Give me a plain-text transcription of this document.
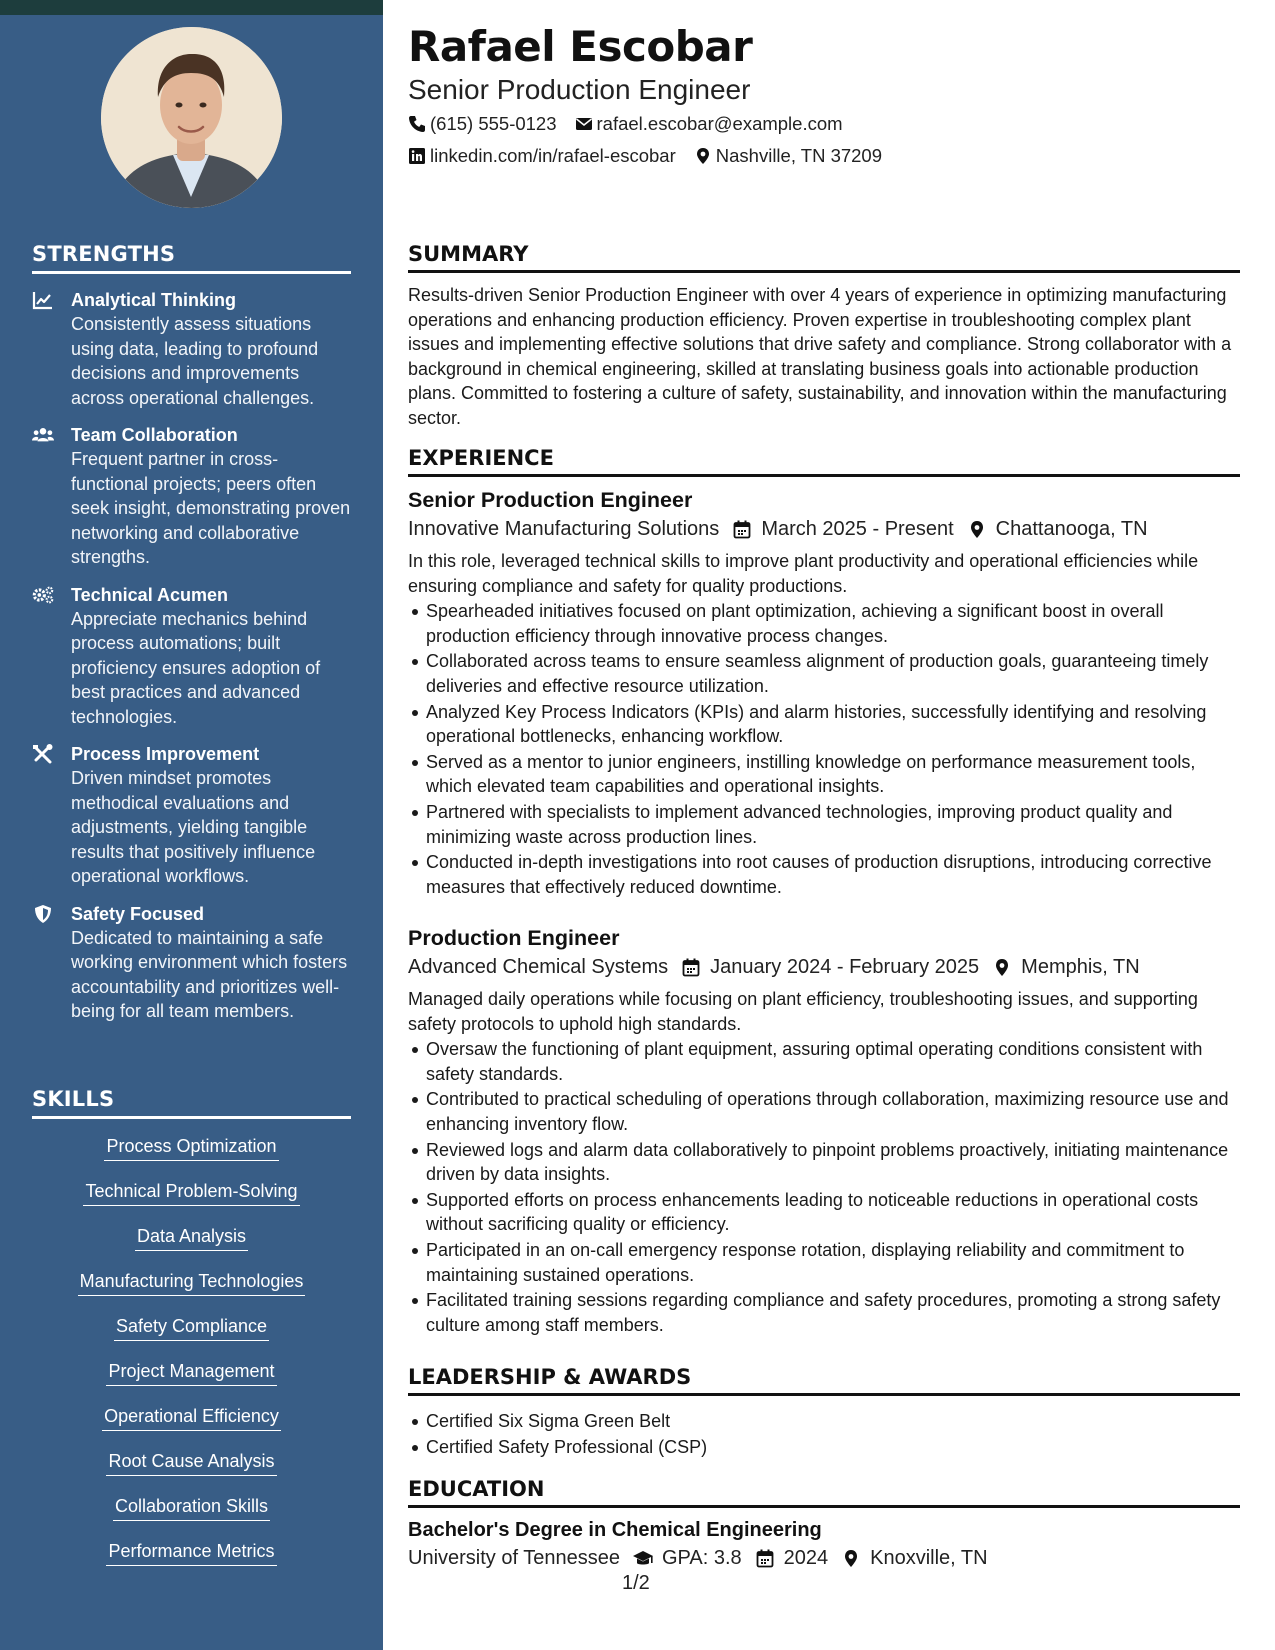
STRENGTHS
Analytical Thinking
Consistently assess situations using data, leading to profound decisions and improvements across operational challenges.
Team Collaboration
Frequent partner in cross-functional projects; peers often seek insight, demonstrating proven networking and collaborative strengths.
Technical Acumen
Appreciate mechanics behind process automations; built proficiency ensures adoption of best practices and advanced technologies.
Process Improvement
Driven mindset promotes methodical evaluations and adjustments, yielding tangible results that positively influence operational workflows.
Safety Focused
Dedicated to maintaining a safe working environment which fosters accountability and prioritizes well-being for all team members.
SKILLS
Process Optimization
Technical Problem-Solving
Data Analysis
Manufacturing Technologies
Safety Compliance
Project Management
Operational Efficiency
Root Cause Analysis
Collaboration Skills
Performance Metrics
Rafael Escobar
Senior Production Engineer
(615) 555-0123 rafael.escobar@example.com
linkedin.com/in/rafael-escobar Nashville, TN 37209
SUMMARY
Results-driven Senior Production Engineer with over 4 years of experience in optimizing manufacturing operations and enhancing production efficiency. Proven expertise in troubleshooting complex plant issues and implementing effective solutions that drive safety and compliance. Strong collaborator with a background in chemical engineering, skilled at translating business goals into actionable production plans. Committed to fostering a culture of safety, sustainability, and innovation within the manufacturing sector.
EXPERIENCE
Senior Production Engineer
Innovative Manufacturing Solutions March 2025 - Present Chattanooga, TN
In this role, leveraged technical skills to improve plant productivity and operational efficiencies while ensuring compliance and safety for quality productions.
Spearheaded initiatives focused on plant optimization, achieving a significant boost in overall production efficiency through innovative process changes.
Collaborated across teams to ensure seamless alignment of production goals, guaranteeing timely deliveries and effective resource utilization.
Analyzed Key Process Indicators (KPIs) and alarm histories, successfully identifying and resolving operational bottlenecks, enhancing workflow.
Served as a mentor to junior engineers, instilling knowledge on performance measurement tools, which elevated team capabilities and operational insights.
Partnered with specialists to implement advanced technologies, improving product quality and minimizing waste across production lines.
Conducted in-depth investigations into root causes of production disruptions, introducing corrective measures that effectively reduced downtime.
Production Engineer
Advanced Chemical Systems January 2024 - February 2025 Memphis, TN
Managed daily operations while focusing on plant efficiency, troubleshooting issues, and supporting safety protocols to uphold high standards.
Oversaw the functioning of plant equipment, assuring optimal operating conditions consistent with safety standards.
Contributed to practical scheduling of operations through collaboration, maximizing resource use and enhancing inventory flow.
Reviewed logs and alarm data collaboratively to pinpoint problems proactively, initiating maintenance driven by data insights.
Supported efforts on process enhancements leading to noticeable reductions in operational costs without sacrificing quality or efficiency.
Participated in an on-call emergency response rotation, displaying reliability and commitment to maintaining sustained operations.
Facilitated training sessions regarding compliance and safety procedures, promoting a strong safety culture among staff members.
LEADERSHIP & AWARDS
Certified Six Sigma Green Belt
Certified Safety Professional (CSP)
EDUCATION
Bachelor's Degree in Chemical Engineering
University of Tennessee GPA: 3.8 2024 Knoxville, TN
1/2
